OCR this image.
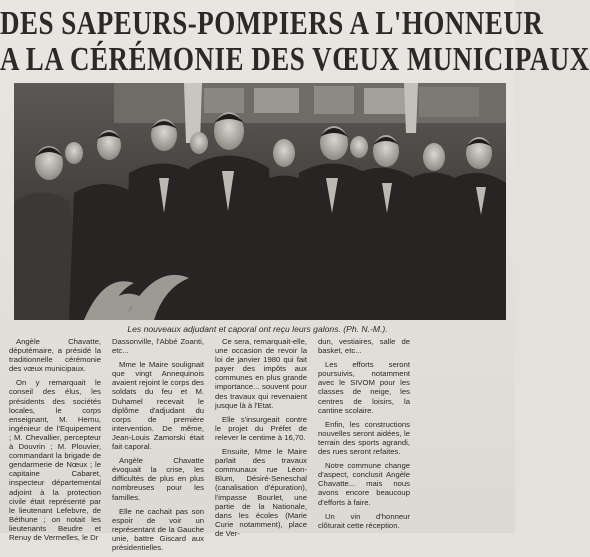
DES SAPEURS-POMPIERS A L'HONNEUR
A LA CÉRÉMONIE DES VŒUX MUNICIPAUX
Les nouveaux adjudant et caporal ont reçu leurs galons. (Ph. N.-M.).

Angèle Chavatte, députémaire, a présidé la traditionnelle cérémonie des vœux municipaux.

On y remarquait le conseil des élus, les présidents des sociétés locales, le corps enseignant, M. Hernu, ingénieur de l'Equipement ; M. Chevallier, percepteur à Douvrin ; M. Plouvier, commandant la brigade de gendarmerie de Nœux ; le capitaine Cabaret, inspecteur départemental adjoint à la protection civile était représenté par le lieutenant Lefebvre, de Béthune ; on notait les lieutenants Beudre et Renuy de Vermelles, le Dr

Dassonville, l'Abbé Zoanti, etc...

Mme le Maire soulignait que vingt Annequinois avaient rejoint le corps des soldats du feu et M. Duhamel recevait le diplôme d'adjudant du corps de première intervention. De même, Jean-Louis Zamorski était fait caporal.

Angèle Chavatte évoquait la crise, les difficultés de plus en plus nombreuses pour les familles.

Elle ne cachait pas son espoir de voir un représentant de la Gauche unie, battre Giscard aux présidentielles.

Ce sera, remarquait-elle, une occasion de revoir la loi de janvier 1980 qui fait payer des impôts aux communes en plus grande importance... souvent pour des travaux qui revenaient jusque là à l'Etat.

Elle s'insurgeait contre le projet du Préfet de relever le centime à 16,70.

Ensuite, Mme le Maire parlait des travaux communaux rue Léon-Blum, Désiré-Seneschal (canalisation d'épuration), l'impasse Bourlet, une partie de la Nationale, dans les écoles (Marie Curie notamment), place de Ver-

dun, vestiaires, salle de basket, etc...

Les efforts seront poursuivis, notamment avec le SIVOM pour les classes de neige, les centres de loisirs, la cantine scolaire.

Enfin, les constructions nouvelles seront aidées, le terrain des sports agrandi, des rues seront refaites.

Notre commune change d'aspect, conclusit Angèle Chavatte... mais nous avons encore beaucoup d'efforts à faire.

Un vin d'honneur clôturait cette réception.
